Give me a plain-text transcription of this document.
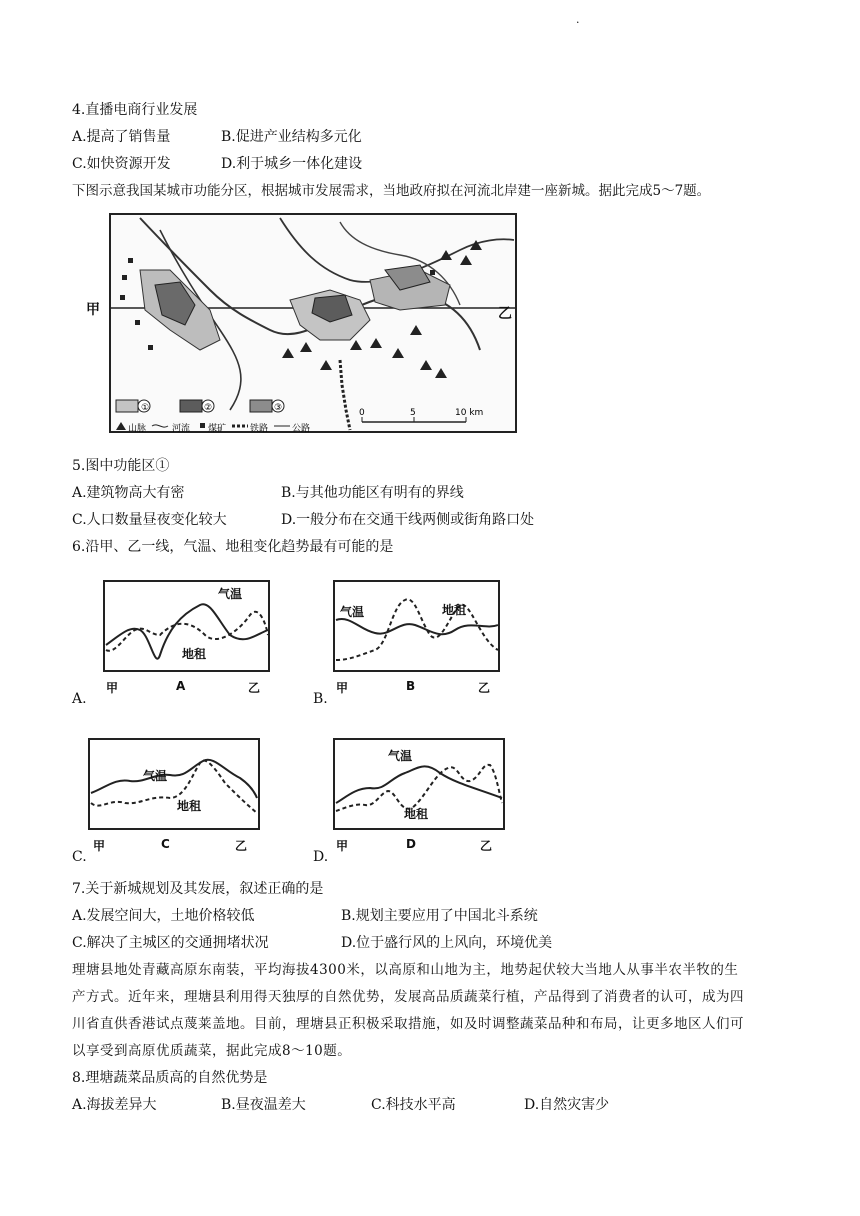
·
4.直播电商行业发展
A.提高了销售量	B.促进产业结构多元化
C.如快资源开发	D.利于城乡一体化建设
下图示意我国某城市功能分区，根据城市发展需求，当地政府拟在河流北岸建一座新城。据此完成5～7题。
①	②	③
山脉	河流 煤矿	铁路	公路
0	5	10 km
甲	乙
5.图中功能区①
A.建筑物高大有密	B.与其他功能区有明有的界线
C.人口数量昼夜变化较大	D.一般分布在交通干线两侧或街角路口处
6.沿甲、乙一线，气温、地租变化趋势最有可能的是
A.
气温
地租
甲	A	乙
B.
气温	地租
甲	B	乙
C.
气温
地租
甲	C	乙
D.
气温
地租
甲	D	乙
7.关于新城规划及其发展，叙述正确的是
A.发展空间大，土地价格较低	B.规划主要应用了中国北斗系统
C.解决了主城区的交通拥堵状况	D.位于盛行风的上风向，环境优美
理塘县地处青藏高原东南装，平均海拔4300米，以高原和山地为主，地势起伏较大当地人从事半农半牧的生
产方式。近年来，理塘县利用得天独厚的自然优势，发展高品质蔬菜行植，产品得到了消费者的认可，成为四
川省直供香港试点蔑莱盖地。目前，理塘县正积极采取措施，如及时调整蔬菜品种和布局，让更多地区人们可
以享受到高原优质蔬菜，据此完成8～10题。
8.理塘蔬菜品质高的自然优势是
A.海拔差异大	B.昼夜温差大	C.科技水平高	D.自然灾害少
